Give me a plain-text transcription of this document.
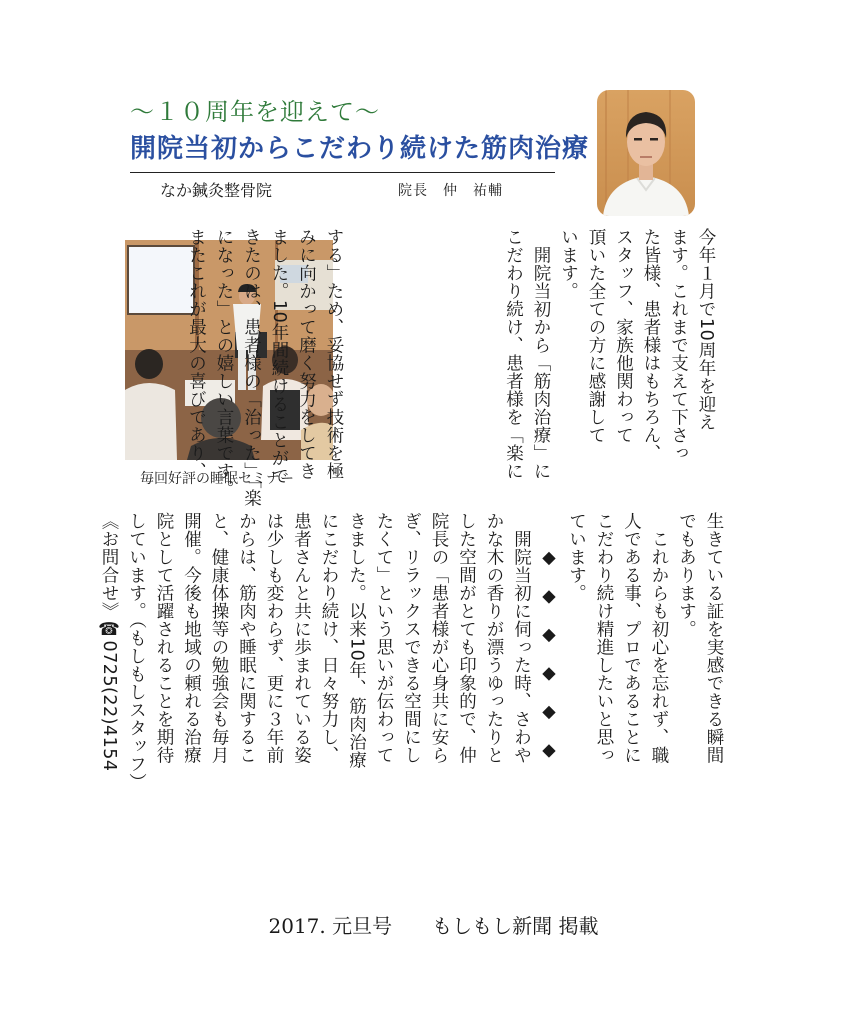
〜１０周年を迎えて〜
開院当初からこだわり続けた筋肉治療
なか鍼灸整骨院	院長　仲　祐輔
毎回好評の睡眠セミナー

今年１月で10周年を迎え

ます。これまで支えて下さっ

た皆様、患者様はもちろん、

スタッフ、家族他関わって

頂いた全ての方に感謝して

います。

　開院当初から「筋肉治療」に

こだわり続け、患者様を「楽に

する」ため、妥協せず技術を極

みに向かって磨く努力をしてき

ました。10年間続けることがで

きたのは、患者様の「治った」「楽

になった」との嬉しい言葉です。

またこれが最大の喜びであり、

生きている証を実感できる瞬間

でもあります。

　これからも初心を忘れず、職

人である事、プロであることに

こだわり続け精進したいと思っ

ています。

　　◆　◆　◆　◆　◆　◆

　開院当初に伺った時、さわや

かな木の香りが漂うゆったりと

した空間がとても印象的で、仲

院長の「患者様が心身共に安ら

ぎ、リラックスできる空間にし

たくて」という思いが伝わって

きました。以来10年、筋肉治療

にこだわり続け、日々努力し、

患者さんと共に歩まれている姿

は少しも変わらず、更に３年前

からは、筋肉や睡眠に関するこ

と、健康体操等の勉強会も毎月

開催。今後も地域の頼れる治療

院として活躍されることを期待

しています。（もしもしスタッフ）

《お問合せ》☎0725(22)4154

2017. 元旦号　　もしもし新聞 掲載
